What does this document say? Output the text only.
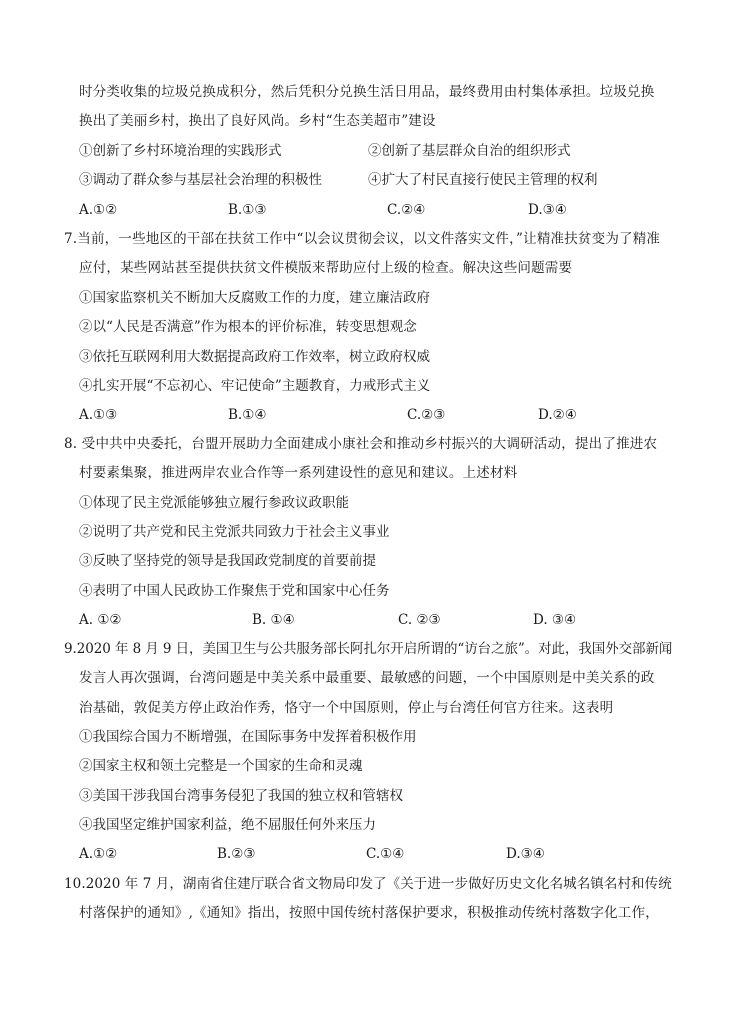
时分类收集的垃圾兑换成积分，然后凭积分兑换生活日用品，最终费用由村集体承担。垃圾兑换
换出了美丽乡村，换出了良好风尚。乡村“生态美超市”建设
①创新了乡村环境治理的实践形式	②创新了基层群众自治的组织形式
③调动了群众参与基层社会治理的积极性	④扩大了村民直接行使民主管理的权利
A.①②	B.①③	C.②④	D.③④
7.当前，一些地区的干部在扶贫工作中“以会议贯彻会议，以文件落实文件，”让精准扶贫变为了精准
应付，某些网站甚至提供扶贫文件模版来帮助应付上级的检查。解决这些问题需要
①国家监察机关不断加大反腐败工作的力度，建立廉洁政府
②以“人民是否满意”作为根本的评价标准，转变思想观念
③依托互联网利用大数据提高政府工作效率，树立政府权威
④扎实开展“不忘初心、牢记使命”主题教育，力戒形式主义
A.①③	B.①④	C.②③	D.②④
8. 受中共中央委托，台盟开展助力全面建成小康社会和推动乡村振兴的大调研活动，提出了推进农
村要素集聚，推进两岸农业合作等一系列建设性的意见和建议。上述材料
①体现了民主党派能够独立履行参政议政职能
②说明了共产党和民主党派共同致力于社会主义事业
③反映了坚持党的领导是我国政党制度的首要前提
④表明了中国人民政协工作聚焦于党和国家中心任务
A. ①②	B. ①④	C. ②③	D. ③④
9.2020 年 8 月 9 日，美国卫生与公共服务部长阿扎尔开启所谓的“访台之旅”。对此，我国外交部新闻
发言人再次强调，台湾问题是中美关系中最重要、最敏感的问题，一个中国原则是中美关系的政
治基础，敦促美方停止政治作秀，恪守一个中国原则，停止与台湾任何官方往来。这表明
①我国综合国力不断增强，在国际事务中发挥着积极作用
②国家主权和领土完整是一个国家的生命和灵魂
③美国干涉我国台湾事务侵犯了我国的独立权和管辖权
④我国坚定维护国家利益，绝不屈服任何外来压力
A.①②	B.②③	C.①④	D.③④
10.2020 年 7 月，湖南省住建厅联合省文物局印发了《关于进一步做好历史文化名城名镇名村和传统
村落保护的通知》,《通知》指出，按照中国传统村落保护要求，积极推动传统村落数字化工作，
